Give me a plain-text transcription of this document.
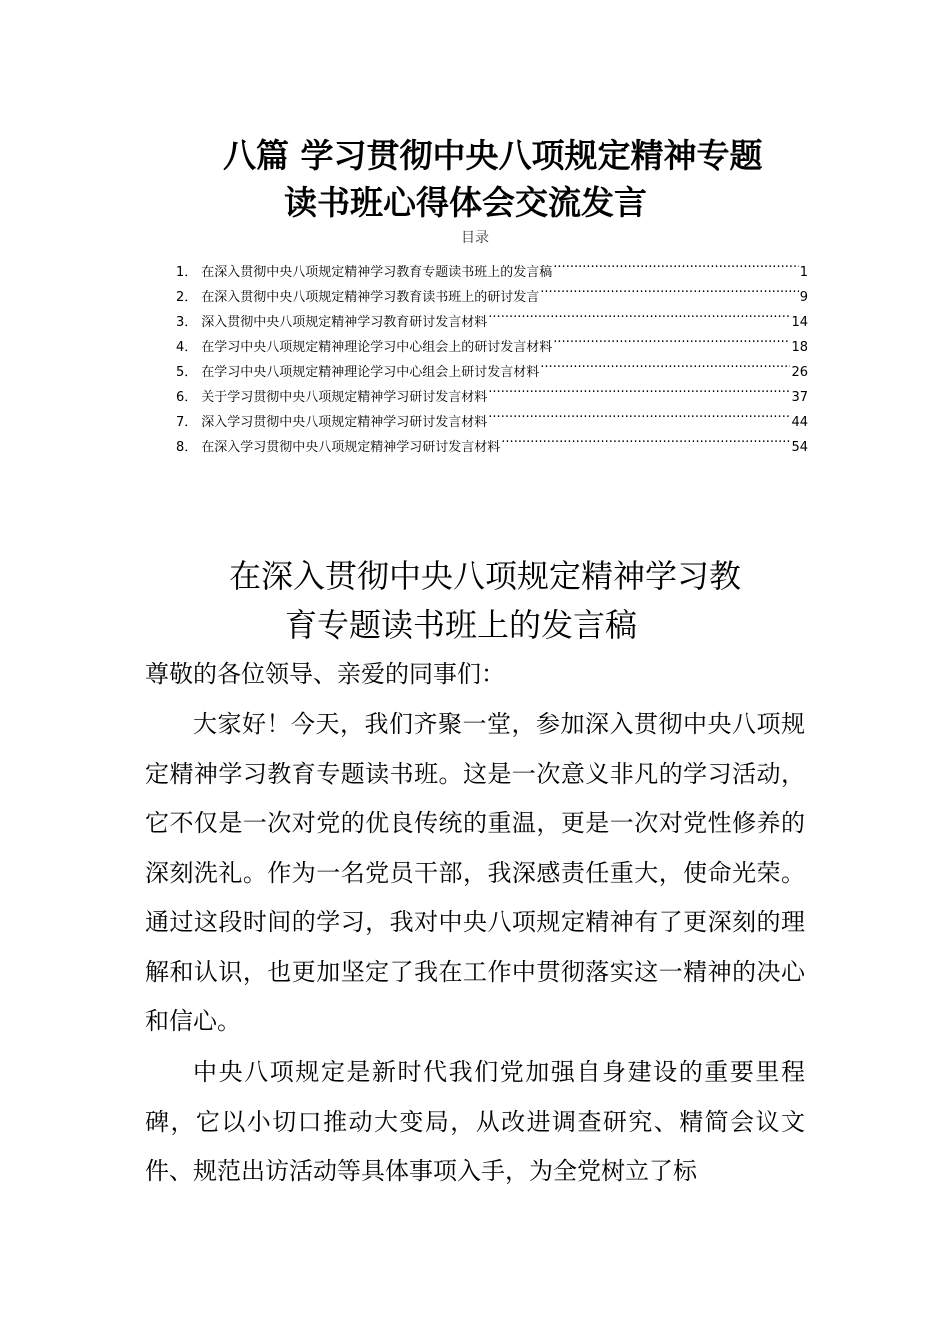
八篇 学习贯彻中央八项规定精神专题
读书班心得体会交流发言
目录
1． 在深入贯彻中央八项规定精神学习教育专题读书班上的发言稿 .....	1
2． 在深入贯彻中央八项规定精神学习教育读书班上的研讨发言 .....	9
3． 深入贯彻中央八项规定精神学习教育研讨发言材料 .....	14
4． 在学习中央八项规定精神理论学习中心组会上的研讨发言材料 .....	18
5． 在学习中央八项规定精神理论学习中心组会上研讨发言材料 .....	26
6． 关于学习贯彻中央八项规定精神学习研讨发言材料 .....	37
7． 深入学习贯彻中央八项规定精神学习研讨发言材料 .....	44
8． 在深入学习贯彻中央八项规定精神学习研讨发言材料 .....	54
在深入贯彻中央八项规定精神学习教
育专题读书班上的发言稿

尊敬的各位领导、亲爱的同事们：

大家好！今天，我们齐聚一堂，参加深入贯彻中央八项规定精神学习教育专题读书班。这是一次意义非凡的学习活动，它不仅是一次对党的优良传统的重温，更是一次对党性修养的深刻洗礼。作为一名党员干部，我深感责任重大，使命光荣。通过这段时间的学习，我对中央八项规定精神有了更深刻的理解和认识，也更加坚定了我在工作中贯彻落实这一精神的决心和信心。

中央八项规定是新时代我们党加强自身建设的重要里程碑，它以小切口推动大变局，从改进调查研究、精简会议文件、规范出访活动等具体事项入手，为全党树立了标
